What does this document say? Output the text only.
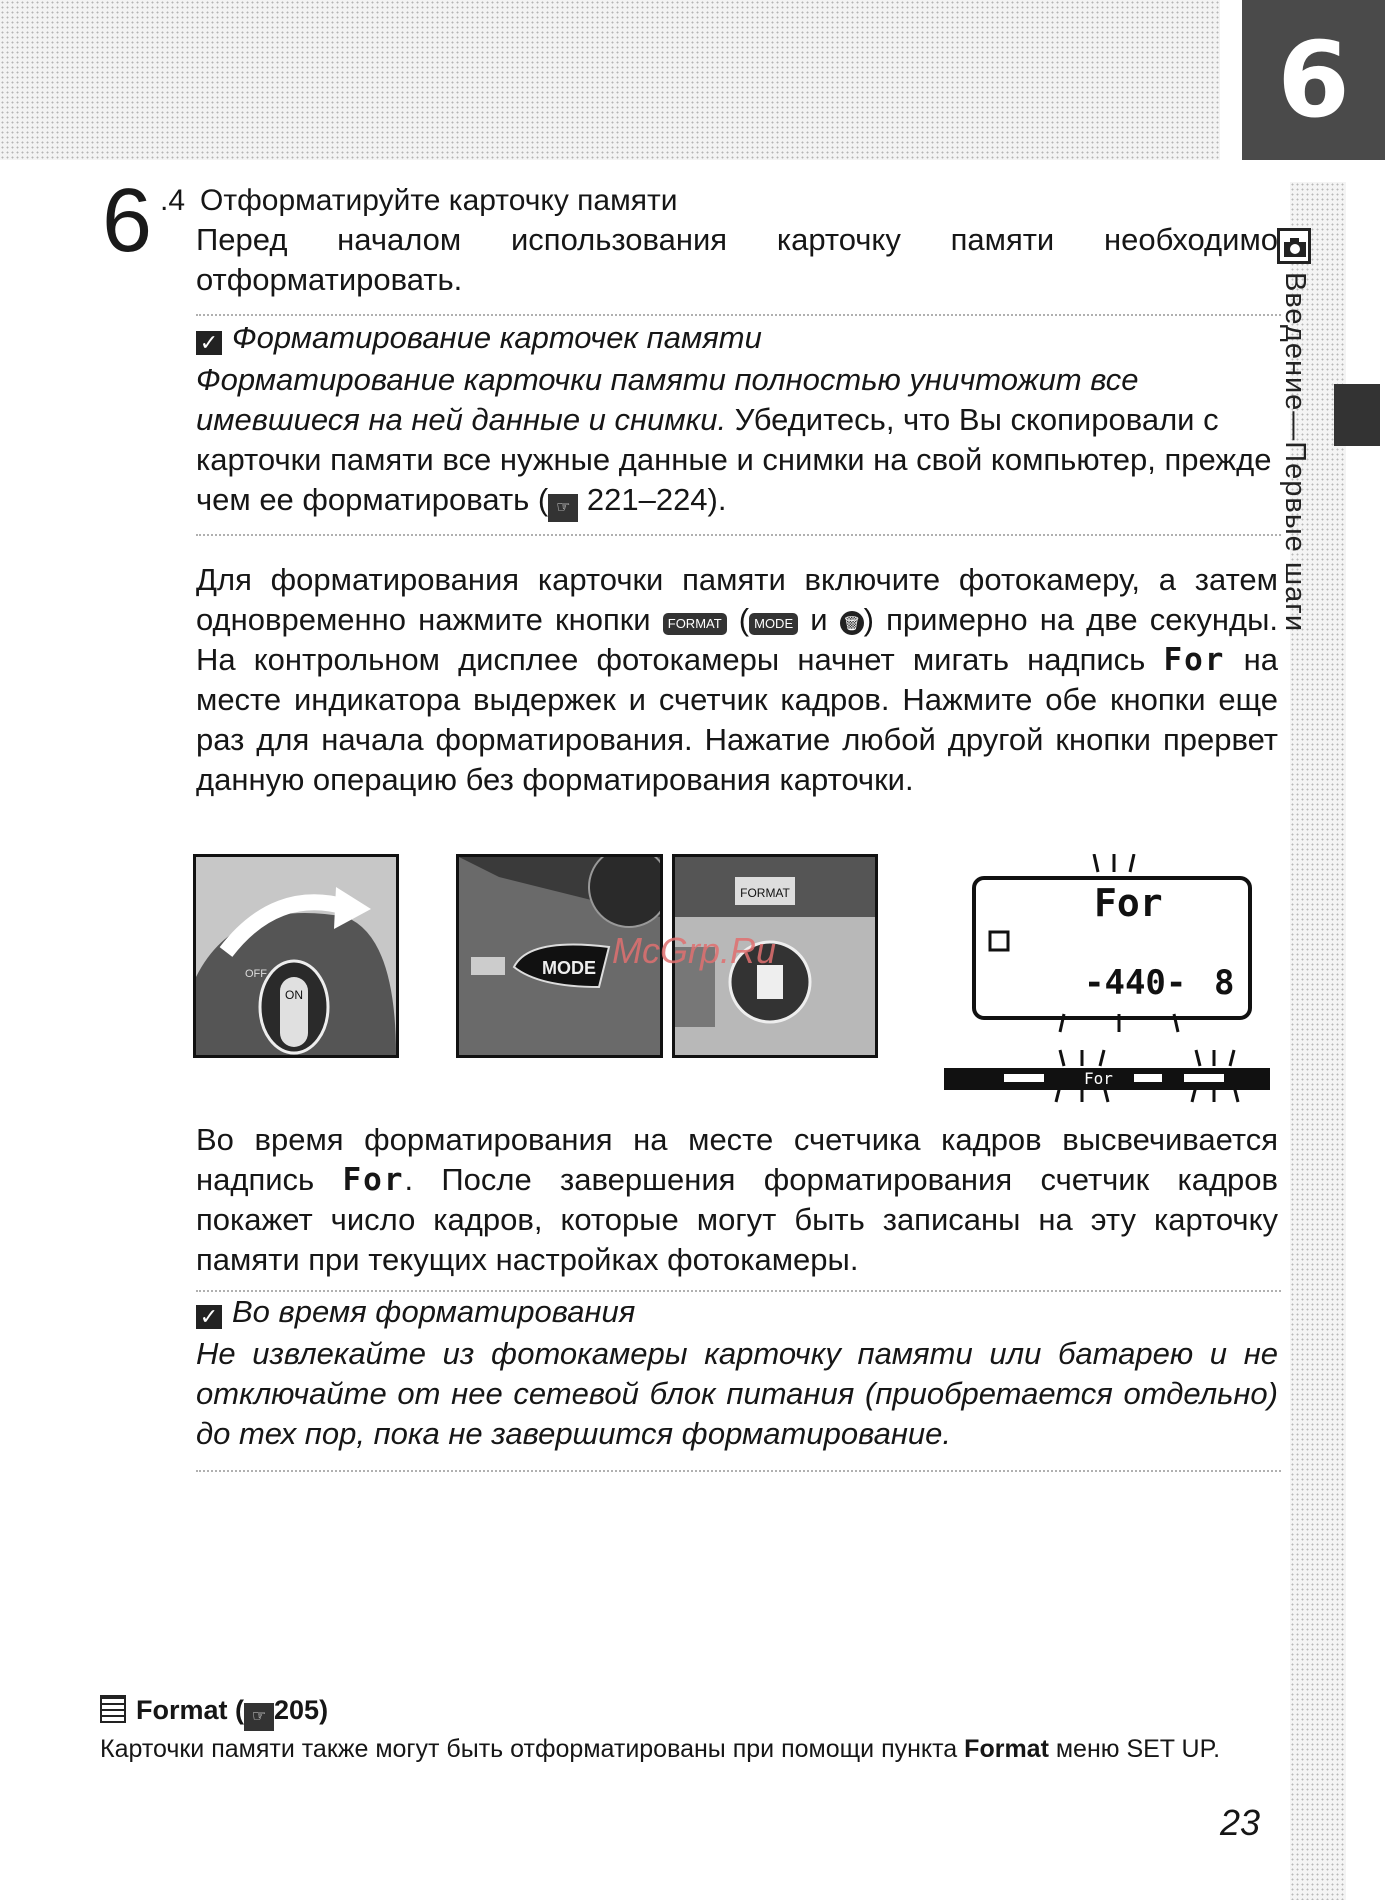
6
Введение—Первые шаги
6 .4 Отформатируйте карточку памяти
Перед началом использования карточку памяти необходимо отформатировать.
✓ Форматирование карточек памяти
Форматирование карточки памяти полностью уничтожит все имевшиеся на ней данные и снимки. Убедитесь, что Вы скопировали с карточки памяти все нужные данные и снимки на свой компьютер, прежде чем ее форматировать ( ☞ 221–224).
Для форматирования карточки памяти включите фотокамеру, а затем одновременно нажмите кнопки FORMAT ( MODE и 🗑 ) примерно на две секунды. На контрольном дисплее фотокамеры начнет мигать надпись For на месте индикатора выдержек и счетчик кадров. Нажмите обе кнопки еще раз для начала форматирования. Нажатие любой другой кнопки прервет данную операцию без форматирования карточки.
ON
OFF	MODE
FORMAT
McGrp.Ru
For
-440- 8
For
Во время форматирования на месте счетчика кадров высвечивается надпись For. После завершения форматирования счетчик кадров покажет число кадров, которые могут быть записаны на эту карточку памяти при текущих настройках фотокамеры.
✓ Во время форматирования
Не извлекайте из фотокамеры карточку памяти или батарею и не отключайте от нее сетевой блок питания (приобретается отдельно) до тех пор, пока не завершится форматирование.
Format ( ☞ 205)
Карточки памяти также могут быть отформатированы при помощи пункта Format меню SET UP.
23
